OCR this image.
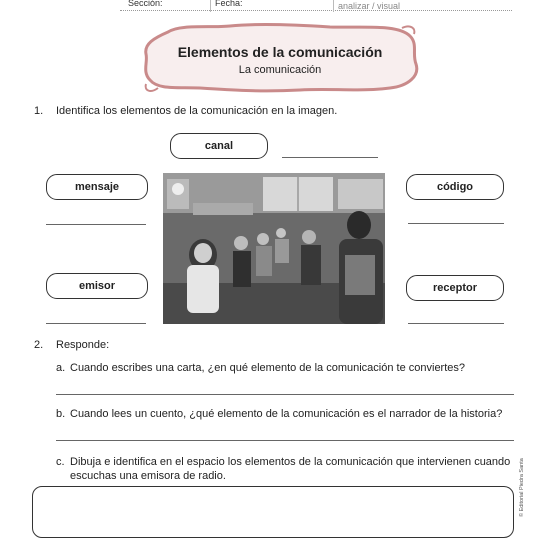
Sección:	Fecha:	analizar / visual
Elementos de la comunicación
La comunicación
1. Identifica los elementos de la comunicación en la imagen.
canal
mensaje	código
emisor	receptor
2. Responde:
a. Cuando escribes una carta, ¿en qué elemento de la comunicación te conviertes?
b. Cuando lees un cuento, ¿qué elemento de la comunicación es el narrador de la historia?
c. Dibuja e identifica en el espacio los elementos de la comunicación que intervienen cuando
escuchas una emisora de radio.	© Editorial Piedra Santa
